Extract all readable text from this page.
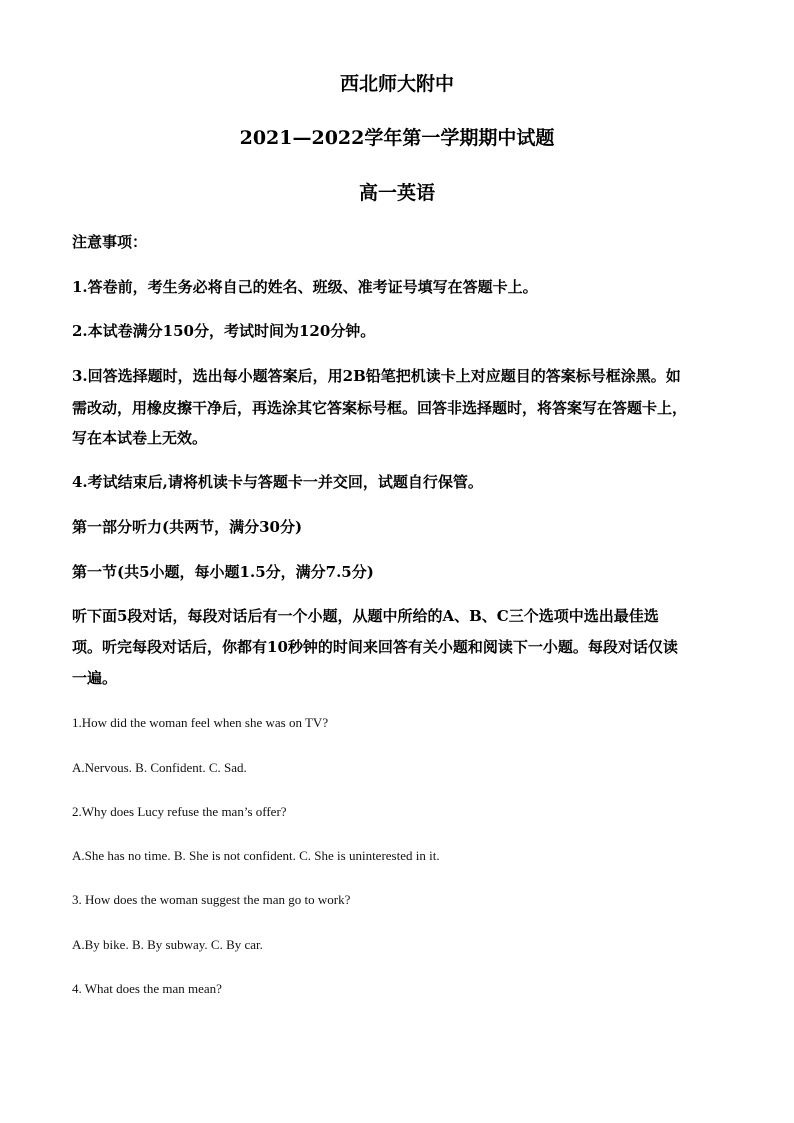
西北师大附中
2021—2022学年第一学期期中试题
高一英语
注意事项：
1.答卷前，考生务必将自己的姓名、班级、准考证号填写在答题卡上。
2.本试卷满分150分，考试时间为120分钟。
3.回答选择题时，选出每小题答案后，用2B铅笔把机读卡上对应题目的答案标号框涂黑。如
需改动，用橡皮擦干净后，再选涂其它答案标号框。回答非选择题时，将答案写在答题卡上，
写在本试卷上无效。
4.考试结束后,请将机读卡与答题卡一并交回，试题自行保管。
第一部分听力(共两节，满分30分)
第一节(共5小题，每小题1.5分，满分7.5分)
听下面5段对话，每段对话后有一个小题，从题中所给的A、B、C三个选项中选出最佳选
项。听完每段对话后，你都有10秒钟的时间来回答有关小题和阅读下一小题。每段对话仅读
一遍。
1.How did the woman feel when she was on TV?
A.Nervous. B. Confident. C. Sad.
2.Why does Lucy refuse the man’s offer?
A.She has no time. B. She is not confident. C. She is uninterested in it.
3. How does the woman suggest the man go to work?
A.By bike. B. By subway. C. By car.
4. What does the man mean?
